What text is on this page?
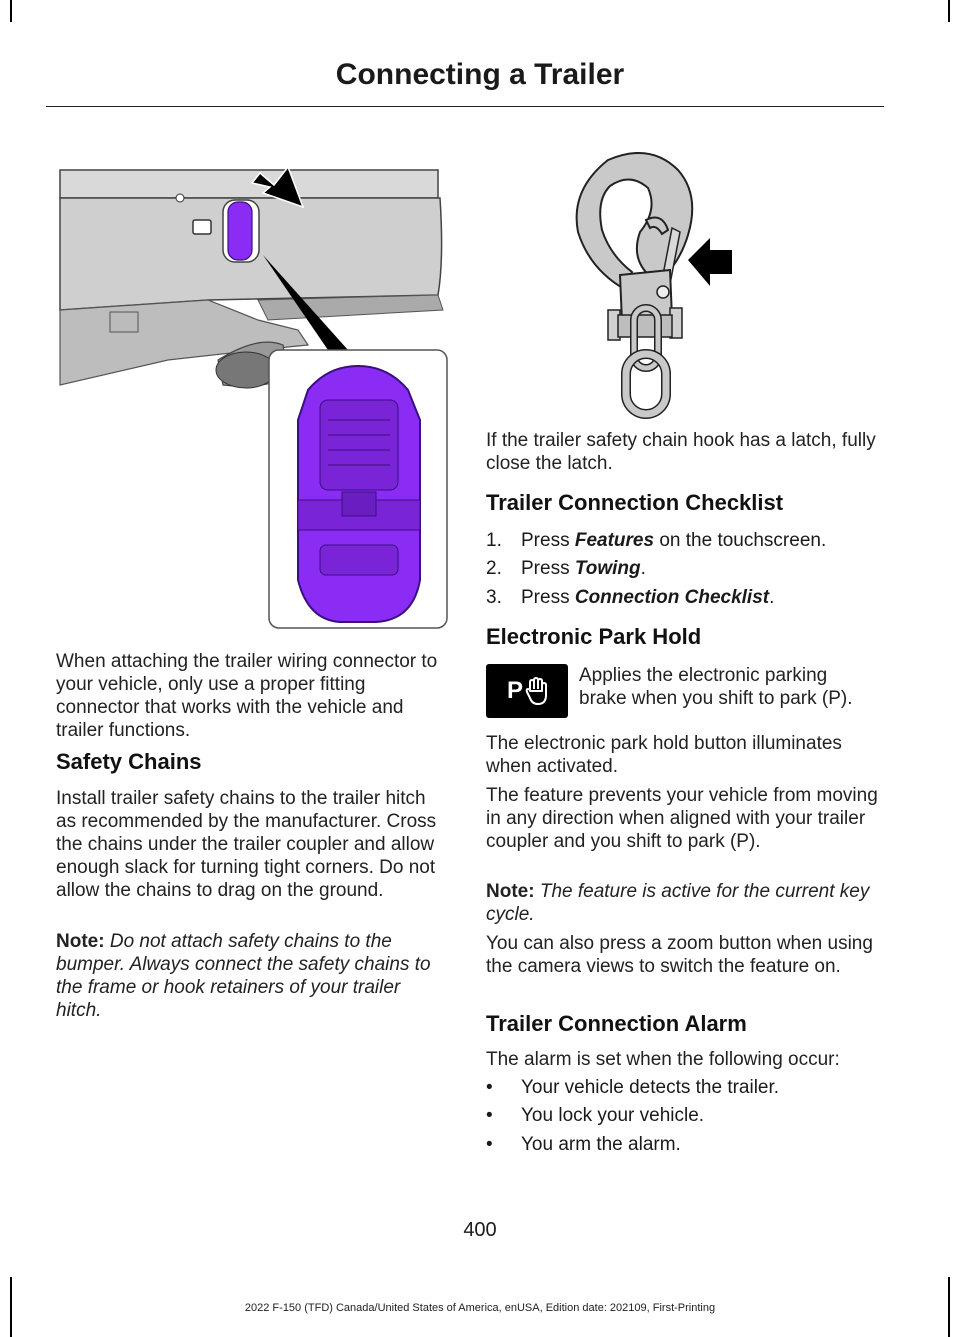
Connecting a Trailer

When attaching the trailer wiring connector to your vehicle, only use a proper fitting connector that works with the vehicle and trailer functions.

Safety Chains

Install trailer safety chains to the trailer hitch as recommended by the manufacturer. Cross the chains under the trailer coupler and allow enough slack for turning tight corners. Do not allow the chains to drag on the ground.

Note: Do not attach safety chains to the bumper. Always connect the safety chains to the frame or hook retainers of your trailer hitch.

If the trailer safety chain hook has a latch, fully close the latch.

Trailer Connection Checklist
1.	Press Features on the touchscreen.
2.	Press Towing.
3.	Press Connection Checklist.
Electronic Park Hold
P

Applies the electronic parking brake when you shift to park (P).

The electronic park hold button illuminates when activated.

The feature prevents your vehicle from moving in any direction when aligned with your trailer coupler and you shift to park (P).

Note: The feature is active for the current key cycle.

You can also press a zoom button when using the camera views to switch the feature on.

Trailer Connection Alarm

The alarm is set when the following occur:

•	Your vehicle detects the trailer.
•	You lock your vehicle.
•	You arm the alarm.

400

2022 F-150 (TFD) Canada/United States of America, enUSA, Edition date: 202109, First-Printing
